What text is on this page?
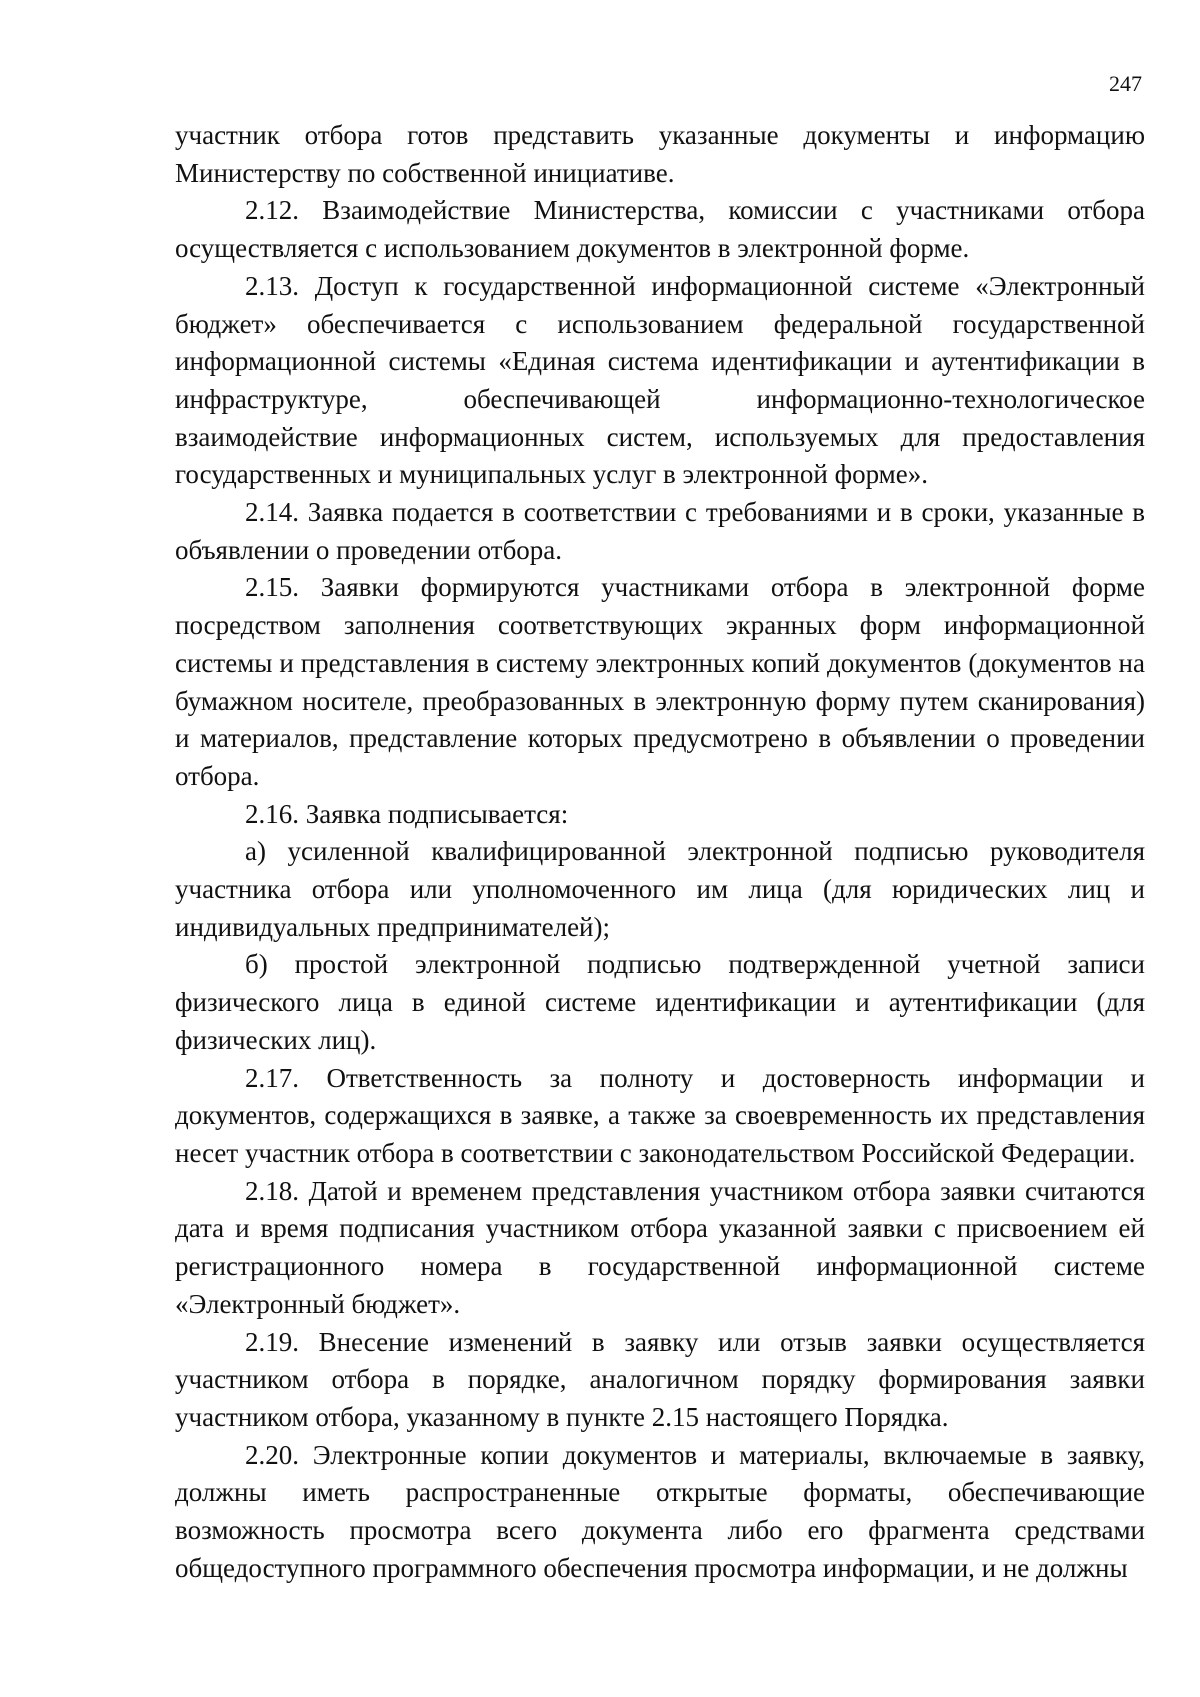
247

участник отбора готов представить указанные документы и информацию Министерству по собственной инициативе.

2.12. Взаимодействие Министерства, комиссии с участниками отбора осуществляется с использованием документов в электронной форме.

2.13. Доступ к государственной информационной системе «Электронный бюджет» обеспечивается с использованием федеральной государственной информационной системы «Единая система идентификации и аутентификации в инфраструктуре, обеспечивающей информационно-технологическое взаимодействие информационных систем, используемых для предоставления государственных и муниципальных услуг в электронной форме».

2.14. Заявка подается в соответствии с требованиями и в сроки, указанные в объявлении о проведении отбора.

2.15. Заявки формируются участниками отбора в электронной форме посредством заполнения соответствующих экранных форм информационной системы и представления в систему электронных копий документов (документов на бумажном носителе, преобразованных в электронную форму путем сканирования) и материалов, представление которых предусмотрено в объявлении о проведении отбора.

2.16. Заявка подписывается:

а) усиленной квалифицированной электронной подписью руководителя участника отбора или уполномоченного им лица (для юридических лиц и индивидуальных предпринимателей);

б) простой электронной подписью подтвержденной учетной записи физического лица в единой системе идентификации и аутентификации (для физических лиц).

2.17. Ответственность за полноту и достоверность информации и документов, содержащихся в заявке, а также за своевременность их представления несет участник отбора в соответствии с законодательством Российской Федерации.

2.18. Датой и временем представления участником отбора заявки считаются дата и время подписания участником отбора указанной заявки с присвоением ей регистрационного номера в государственной информационной системе «Электронный бюджет».

2.19. Внесение изменений в заявку или отзыв заявки осуществляется участником отбора в порядке, аналогичном порядку формирования заявки участником отбора, указанному в пункте 2.15 настоящего Порядка.

2.20. Электронные копии документов и материалы, включаемые в заявку, должны иметь распространенные открытые форматы, обеспечивающие возможность просмотра всего документа либо его фрагмента средствами общедоступного программного обеспечения просмотра информации, и не должны
